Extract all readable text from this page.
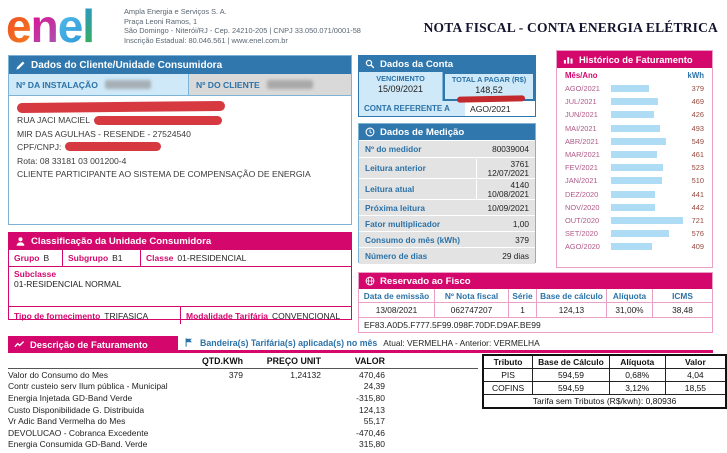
enel	Ampla Energia e Serviços S. A.
Praça Leoni Ramos, 1
São Domingo - Niterói/RJ - Cep. 24210-205 | CNPJ 33.050.071/0001-58
Inscrição Estadual: 80.046.561 | www.enel.com.br
NOTA FISCAL - CONTA ENERGIA ELÉTRICA
Dados do Cliente/Unidade Consumidora
Nº DA INSTALAÇÃO	Nº DO CLIENTE
RUA JACI MACIEL
MIR DAS AGULHAS - RESENDE - 27524540
CPF/CNPJ:
Rota: 08 33181 03 001200-4
CLIENTE PARTICIPANTE AO SISTEMA DE COMPENSAÇÃO DE ENERGIA
Classificação da Unidade Consumidora
Grupo B Subgrupo B1	Classe 01-RESIDENCIAL
Subclasse
01-RESIDENCIAL NORMAL
Tipo de fornecimento TRIFASICA	Modalidade Tarifária CONVENCIONAL
Dados da Conta
VENCIMENTO
15/09/2021
TOTAL A PAGAR (R$)
148,52
CONTA REFERENTE A	AGO/2021
Dados de Medição
Nº do medidor	80039004
Leitura anterior	3761
12/07/2021
Leitura atual	4140
10/08/2021
Próxima leitura	10/09/2021
Fator multiplicador	1,00
Consumo do mês (kWh)	379
Número de dias	29 dias
Histórico de Faturamento
Mês/Ano	kWh
AGO/2021	379
JUL/2021	469
JUN/2021	426
MAI/2021	493
ABR/2021	549
MAR/2021	461
FEV/2021	523
JAN/2021	510
DEZ/2020	441
NOV/2020	442
OUT/2020	721
SET/2020	576
AGO/2020	409
Reservado ao Fisco
Data de emissão	Nº Nota fiscal	Série Base de cálculo	Alíquota	ICMS
13/08/2021	062747207	1	124,13	31,00%	38,48
EF83.A0D5.F777.5F99.098F.70DF.D9AF.BE99
Descrição de Faturamento	Bandeira(s) Tarifária(s) aplicada(s) no mês Atual: VERMELHA - Anterior: VERMELHA
QTD.KWh	PREÇO UNIT	VALOR
Valor do Consumo do Mes	379	1,24132	470,46
Contr custeio serv Ilum pública - Municipal	24,39
Energia Injetada GD-Band Verde	-315,80
Custo Disponibilidade G. Distribuida	124,13
Vr Adic Band Vermelha do Mes	55,17
DEVOLUCAO - Cobranca Excedente	-470,46
Energia Consumida GD-Band. Verde	315,80
Tributo	Base de Cálculo	Alíquota	Valor
PIS	594,59	0,68%	4,04
COFINS	594,59	3,12%	18,55
Tarifa sem Tributos (R$/kwh): 0,80936			
